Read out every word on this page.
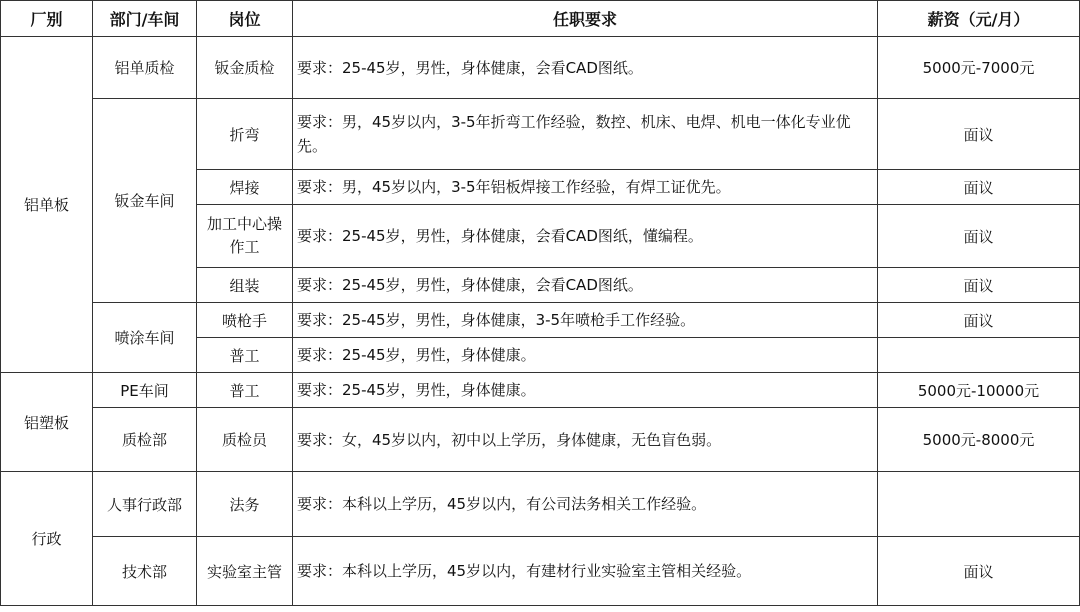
厂别	部门/车间	岗位	任职要求	薪资（元/月）
铝单板	铝单质检	钣金质检	要求：25-45岁，男性，身体健康，会看CAD图纸。	5000元-7000元
	钣金车间	折弯	要求：男，45岁以内，3-5年折弯工作经验，数控、机床、电焊、机电一体化专业优先。	面议
		焊接	要求：男，45岁以内，3-5年铝板焊接工作经验，有焊工证优先。	面议
		加工中心操作工	要求：25-45岁，男性，身体健康，会看CAD图纸，懂编程。	面议
		组装	要求：25-45岁，男性，身体健康，会看CAD图纸。	面议
	喷涂车间	喷枪手	要求：25-45岁，男性，身体健康，3-5年喷枪手工作经验。	面议
		普工	要求：25-45岁，男性，身体健康。	
铝塑板	PE车间	普工	要求：25-45岁，男性，身体健康。	5000元-10000元
	质检部	质检员	要求：女，45岁以内，初中以上学历，身体健康，无色盲色弱。	5000元-8000元
行政	人事行政部	法务	要求：本科以上学历，45岁以内，有公司法务相关工作经验。	
	技术部	实验室主管	要求：本科以上学历，45岁以内，有建材行业实验室主管相关经验。	面议
